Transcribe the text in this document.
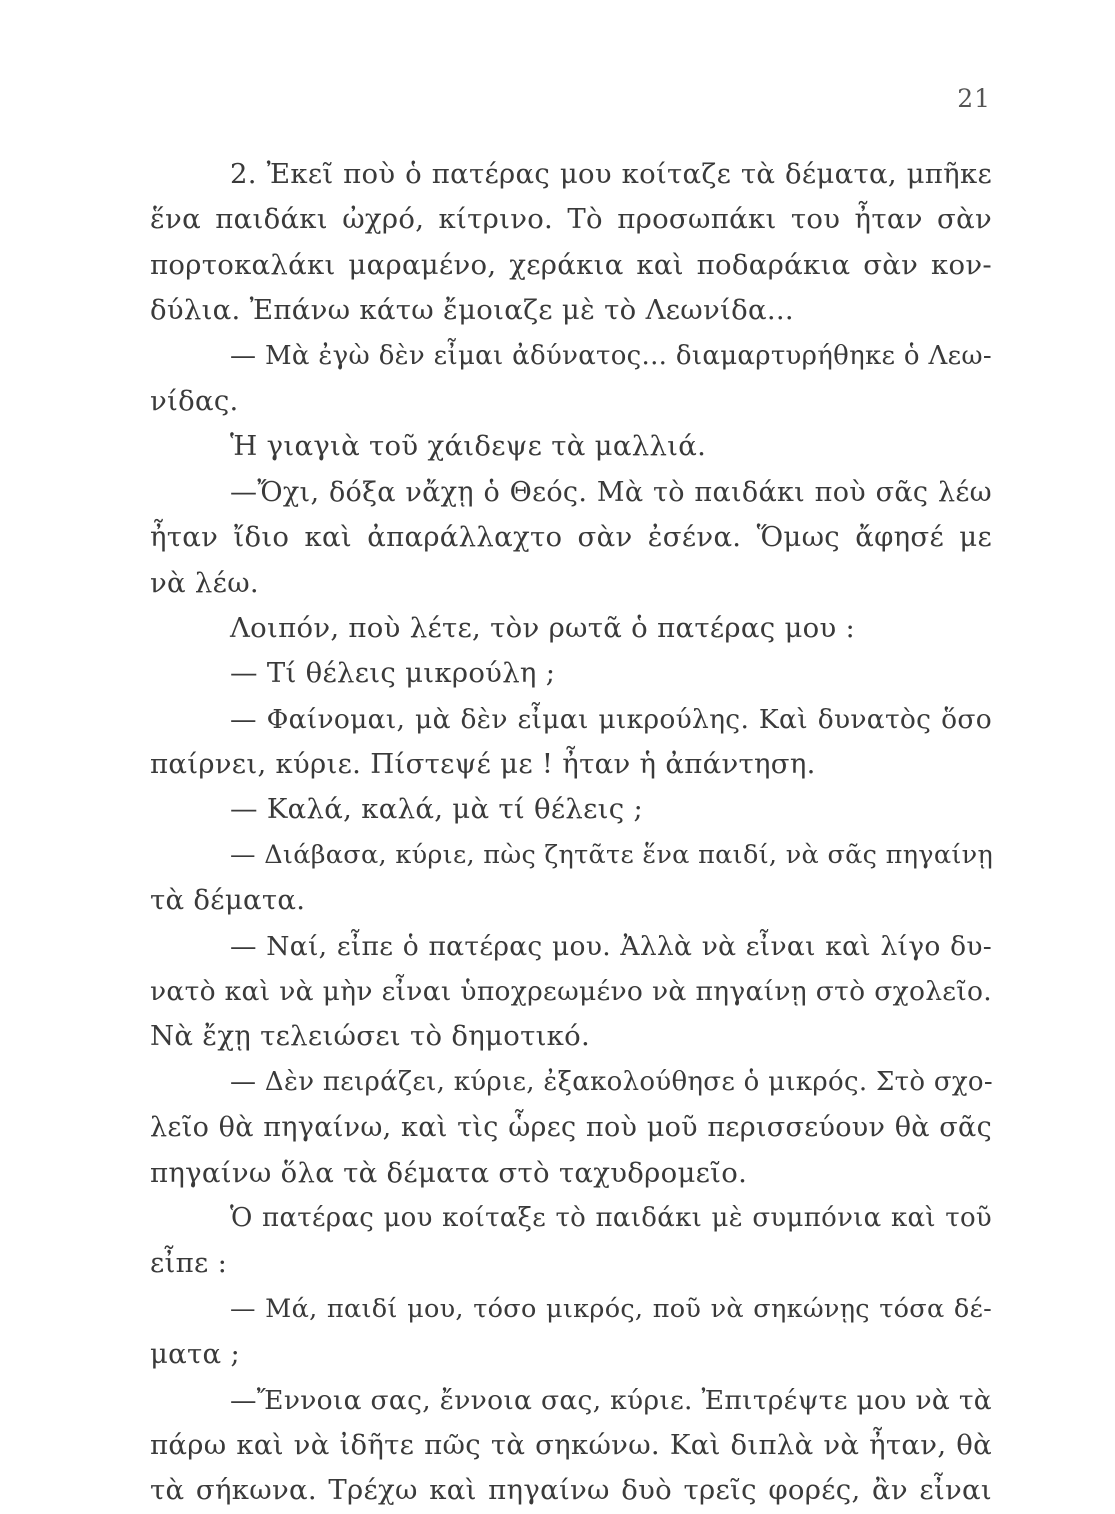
21
2. Ἐκεῖ ποὺ ὁ πατέρας μου κοίταζε τὰ δέματα, μπῆκε
ἕνα παιδάκι ὠχρό, κίτρινο. Τὸ προσωπάκι του ἦταν σὰν
πορτοκαλάκι μαραμένο, χεράκια καὶ ποδαράκια σὰν κον-
δύλια. Ἐπάνω κάτω ἔμοιαζε μὲ τὸ Λεωνίδα...
— Μὰ ἐγὼ δὲν εἶμαι ἀδύνατος... διαμαρτυρήθηκε ὁ Λεω-
νίδας.
Ἡ γιαγιὰ τοῦ χάιδεψε τὰ μαλλιά.
—Ὄχι, δόξα νἄχῃ ὁ Θεός. Μὰ τὸ παιδάκι ποὺ σᾶς λέω
ἦταν ἴδιο καὶ ἀπαράλλαχτο σὰν ἐσένα. Ὅμως ἄφησέ με
νὰ λέω.
Λοιπόν, ποὺ λέτε, τὸν ρωτᾶ ὁ πατέρας μου :
— Τί θέλεις μικρούλη ;
— Φαίνομαι, μὰ δὲν εἶμαι μικρούλης. Καὶ δυνατὸς ὅσο
παίρνει, κύριε. Πίστεψέ με ! ἦταν ἡ ἀπάντηση.
— Καλά, καλά, μὰ τί θέλεις ;
— Διάβασα, κύριε, πὼς ζητᾶτε ἕνα παιδί, νὰ σᾶς πηγαίνῃ
τὰ δέματα.
— Ναί, εἶπε ὁ πατέρας μου. Ἀλλὰ νὰ εἶναι καὶ λίγο δυ-
νατὸ καὶ νὰ μὴν εἶναι ὑποχρεωμένο νὰ πηγαίνῃ στὸ σχολεῖο.
Νὰ ἔχῃ τελειώσει τὸ δημοτικό.
— Δὲν πειράζει, κύριε, ἐξακολούθησε ὁ μικρός. Στὸ σχο-
λεῖο θὰ πηγαίνω, καὶ τὶς ὧρες ποὺ μοῦ περισσεύουν θὰ σᾶς
πηγαίνω ὅλα τὰ δέματα στὸ ταχυδρομεῖο.
Ὁ πατέρας μου κοίταξε τὸ παιδάκι μὲ συμπόνια καὶ τοῦ
εἶπε :
— Μά, παιδί μου, τόσο μικρός, ποῦ νὰ σηκώνῃς τόσα δέ-
ματα ;
—Ἔννοια σας, ἔννοια σας, κύριε. Ἐπιτρέψτε μου νὰ τὰ
πάρω καὶ νὰ ἰδῆτε πῶς τὰ σηκώνω. Καὶ διπλὰ νὰ ἦταν, θὰ
τὰ σήκωνα. Τρέχω καὶ πηγαίνω δυὸ τρεῖς φορές, ἂν εἶναι
